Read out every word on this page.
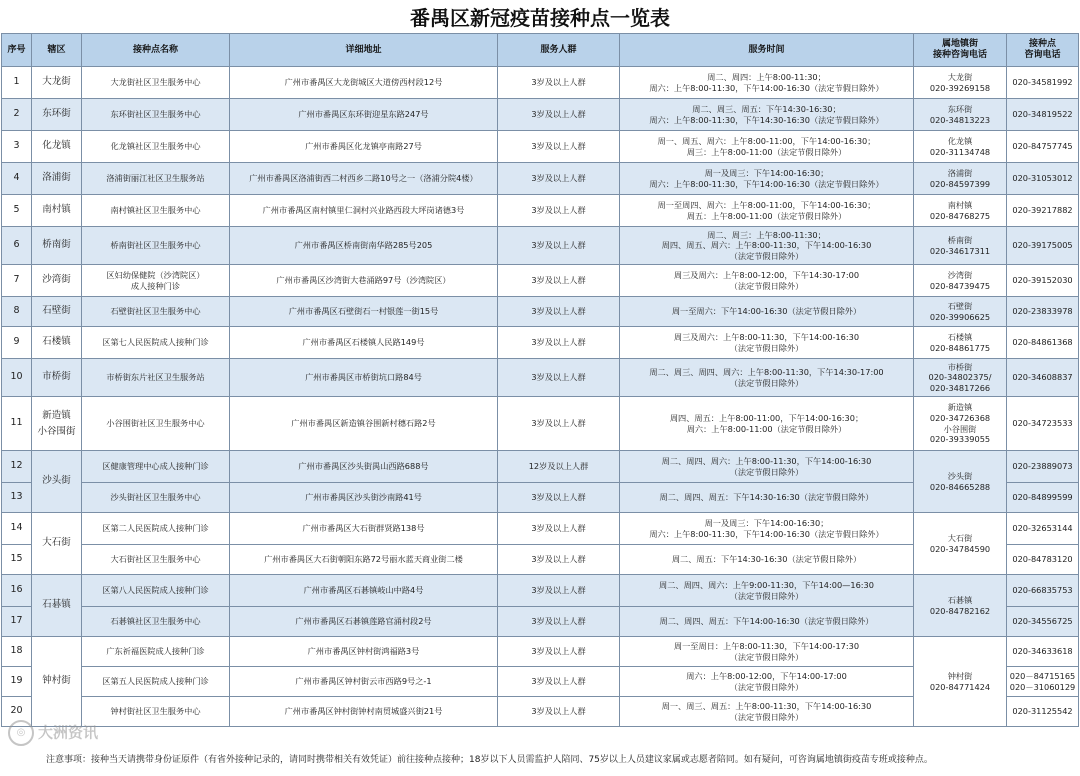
番禺区新冠疫苗接种点一览表
序号	辖区	接种点名称	详细地址	服务人群	服务时间	属地镇街
接种咨询电话	接种点
咨询电话
1	大龙街	大龙街社区卫生服务中心	广州市番禺区大龙街城区大道傍西村段12号	3岁及以上人群	周二、周四：上午8:00-11:30；
周六：上午8:00-11:30，下午14:00-16:30（法定节假日除外）	大龙街
020-39269158	020-34581992
2	东环街	东环街社区卫生服务中心	广州市番禺区东环街迎星东路247号	3岁及以上人群	周二、周三、周五：下午14:30-16:30；
周六：上午8:00-11:30，下午14:30-16:30（法定节假日除外）	东环街
020-34813223	020-34819522
3	化龙镇	化龙镇社区卫生服务中心	广州市番禺区化龙镇亭南路27号	3岁及以上人群	周一、周五、周六：上午8:00-11:00，下午14:00-16:30；
周三：上午8:00-11:00（法定节假日除外）	化龙镇
020-31134748	020-84757745
4	洛浦街	洛浦街丽江社区卫生服务站	广州市番禺区洛浦街西二村西乡二路10号之一（洛浦分院4楼）	3岁及以上人群	周一及周三：下午14:00-16:30；
周六：上午8:00-11:30，下午14:00-16:30（法定节假日除外）	洛浦街
020-84597399	020-31053012
5	南村镇	南村镇社区卫生服务中心	广州市番禺区南村镇里仁洞村兴业路西段大坪岗诸德3号	3岁及以上人群	周一至周四、周六：上午8:00-11:00，下午14:00-16:30；
周五：上午8:00-11:00（法定节假日除外）	南村镇
020-84768275	020-39217882
6	桥南街	桥南街社区卫生服务中心	广州市番禺区桥南街南华路285号205	3岁及以上人群	周二、周三：上午8:00-11:30；
周四、周五、周六：上午8:00-11:30，下午14:00-16:30
（法定节假日除外）	桥南街
020-34617311	020-39175005
7	沙湾街	区妇幼保健院（沙湾院区）
成人接种门诊	广州市番禺区沙湾街大巷涌路97号（沙湾院区）	3岁及以上人群	周三及周六：上午8:00-12:00，下午14:30-17:00
（法定节假日除外）	沙湾街
020-84739475	020-39152030
8	石壁街	石壁街社区卫生服务中心	广州市番禺区石壁街石一村银莲一街15号	3岁及以上人群	周一至周六：下午14:00-16:30（法定节假日除外）	石壁街
020-39906625	020-23833978
9	石楼镇	区第七人民医院成人接种门诊	广州市番禺区石楼镇人民路149号	3岁及以上人群	周三及周六：上午8:00-11:30，下午14:00-16:30
（法定节假日除外）	石楼镇
020-84861775	020-84861368
10	市桥街	市桥街东片社区卫生服务站	广州市番禺区市桥街坑口路84号	3岁及以上人群	周二、周三、周四、周六：上午8:00-11:30，下午14:30-17:00
（法定节假日除外）	市桥街
020-34802375/
020-34817266	020-34608837
11	新造镇
小谷围街	小谷围街社区卫生服务中心	广州市番禺区新造镇谷围新村穗石路2号	3岁及以上人群	周四、周五：上午8:00-11:00，下午14:00-16:30；
周六：上午8:00-11:00（法定节假日除外）	新造镇
020-34726368
小谷围街
020-39339055	020-34723533
12	沙头街	区健康管理中心成人接种门诊	广州市番禺区沙头街禺山西路688号	12岁及以上人群	周二、周四、周六：上午8:00-11:30，下午14:00-16:30
（法定节假日除外）	沙头街
020-84665288	020-23889073
13		沙头街社区卫生服务中心	广州市番禺区沙头街沙南路41号	3岁及以上人群	周二、周四、周五：下午14:30-16:30（法定节假日除外）		020-84899599
14	大石街	区第二人民医院成人接种门诊	广州市番禺区大石街群贤路138号	3岁及以上人群	周一及周三：下午14:00-16:30；
周六：上午8:00-11:30，下午14:00-16:30（法定节假日除外）	大石街
020-34784590	020-32653144
15		大石街社区卫生服务中心	广州市番禺区大石街朝阳东路72号丽水蓝天商业街二楼	3岁及以上人群	周二、周五：下午14:30-16:30（法定节假日除外）		020-84783120
16	石碁镇	区第八人民医院成人接种门诊	广州市番禺区石碁镇岐山中路4号	3岁及以上人群	周二、周四、周六：上午9:00-11:30，下午14:00—16:30
（法定节假日除外）	石碁镇
020-84782162	020-66835753
17		石碁镇社区卫生服务中心	广州市番禺区石碁镇莲路官涌村段2号	3岁及以上人群	周二、周四、周五：下午14:00-16:30（法定节假日除外）		020-34556725
18	钟村街	广东祈福医院成人接种门诊	广州市番禺区钟村街鸿福路3号	3岁及以上人群	周一至周日：上午8:00-11:30，下午14:00-17:30
（法定节假日除外）	钟村街
020-84771424	020-34633618
19		区第五人民医院成人接种门诊	广州市番禺区钟村街云市西路9号之-1	3岁及以上人群	周六：上午8:00-12:00，下午14:00-17:00
（法定节假日除外）		020－84715165
020－31060129
20		钟村街社区卫生服务中心	广州市番禺区钟村街钟村南贸城盛兴街21号	3岁及以上人群	周一、周三、周五：上午8:00-11:30，下午14:00-16:30
（法定节假日除外）		020-31125542
◎ 大洲资讯
注意事项：接种当天请携带身份证原件（有省外接种记录的，请同时携带相关有效凭证）前往接种点接种；18岁以下人员需监护人陪同、75岁以上人员建议家属或志愿者陪同。如有疑问，可咨询属地镇街疫苗专班或接种点。
